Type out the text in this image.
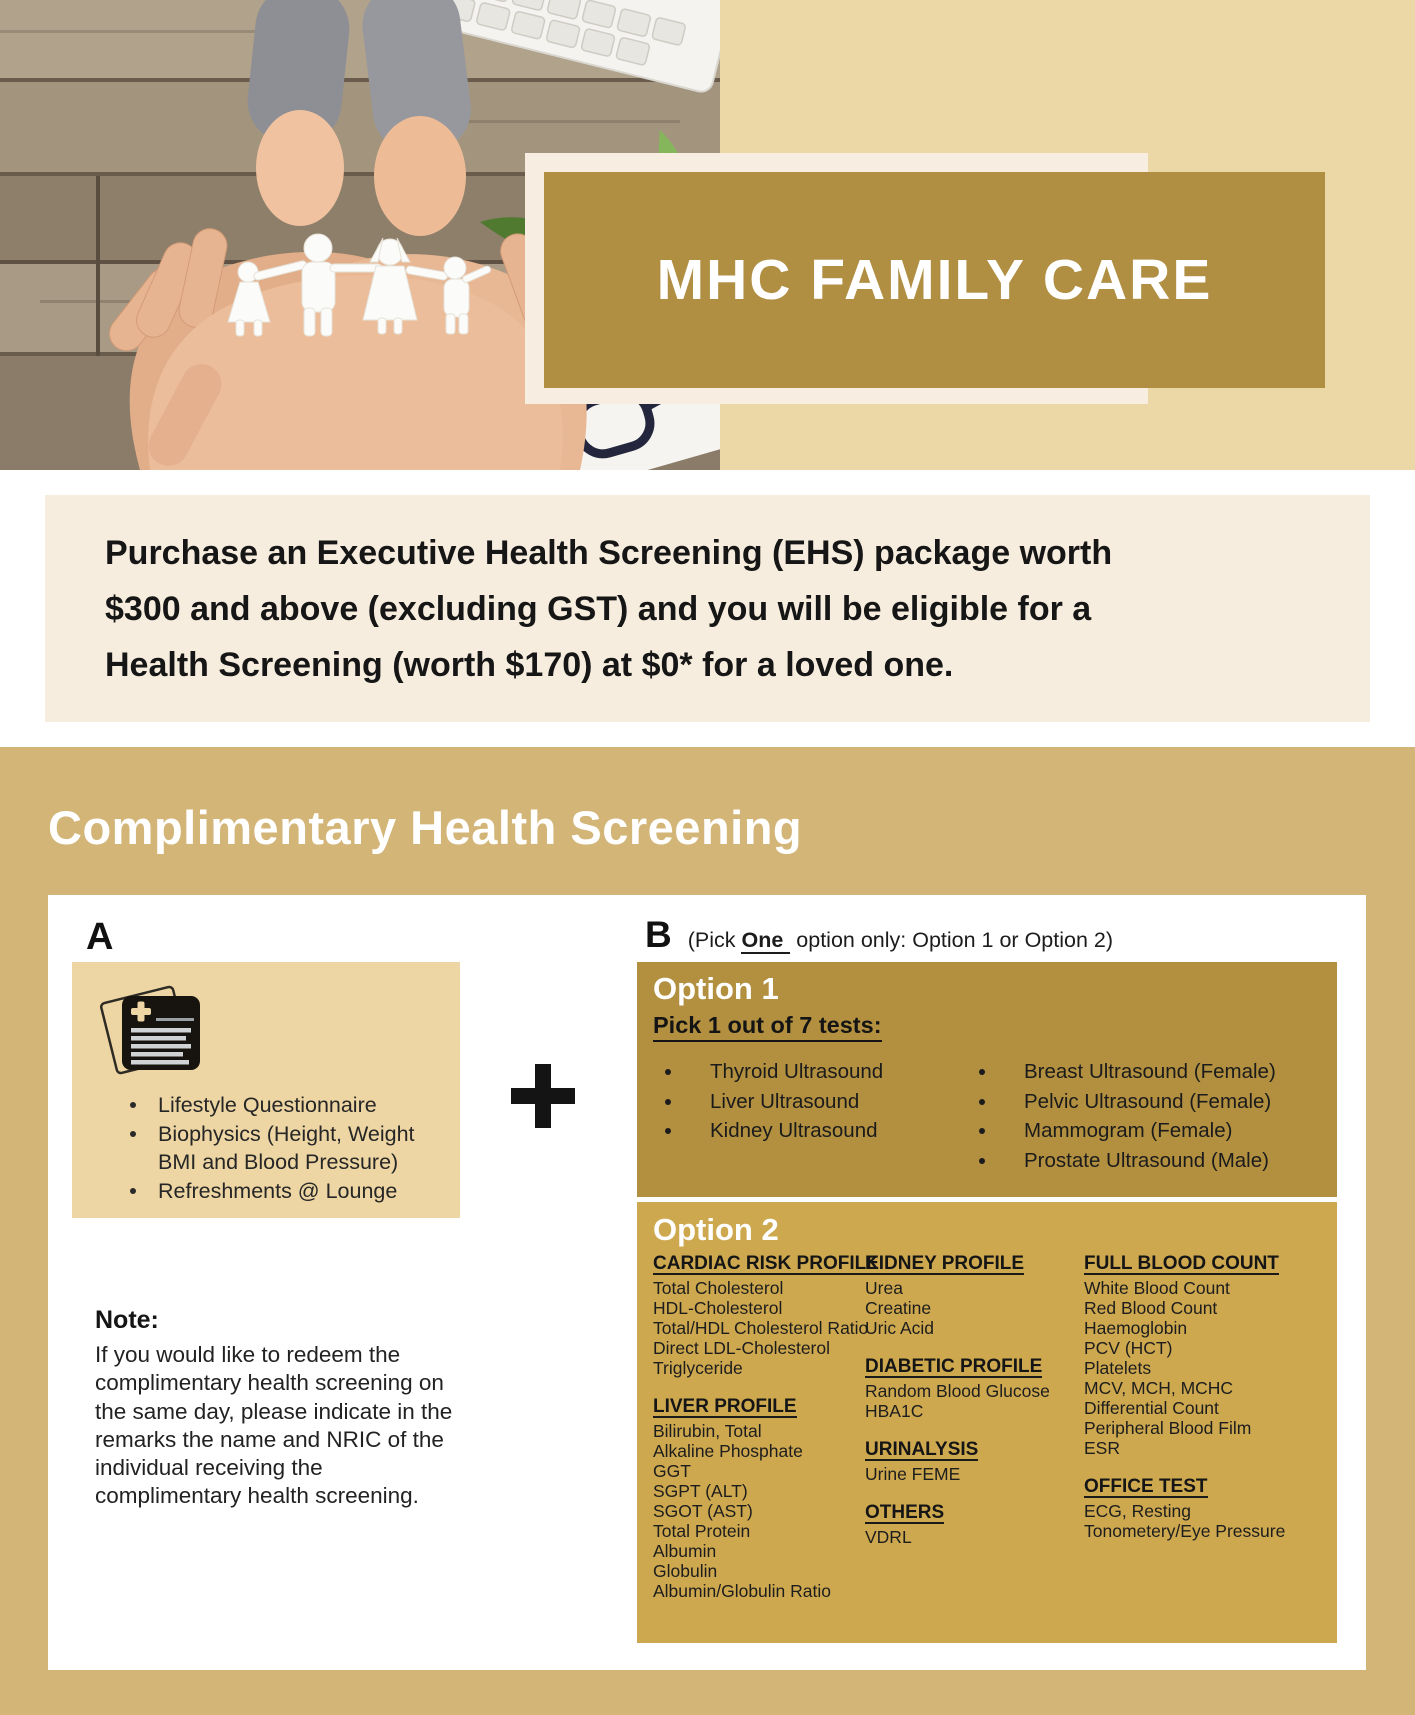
MHC FAMILY CARE
Purchase an Executive Health Screening (EHS) package worth
$300 and above (excluding GST) and you will be eligible for a
Health Screening (worth $170) at $0* for a loved one.
Complimentary Health Screening
A
Lifestyle Questionnaire
Biophysics (Height, Weight BMI and Blood Pressure)
Refreshments @ Lounge
B (Pick One option only: Option 1 or Option 2)
Option 1
Pick 1 out of 7 tests:
Thyroid Ultrasound
Liver Ultrasound
Kidney Ultrasound
Breast Ultrasound (Female)
Pelvic Ultrasound (Female)
Mammogram (Female)
Prostate Ultrasound (Male)
Option 2
CARDIAC RISK PROFILE
Total Cholesterol
HDL-Cholesterol
Total/HDL Cholesterol Ratio
Direct LDL-Cholesterol
Triglyceride
LIVER PROFILE
Bilirubin, Total
Alkaline Phosphate
GGT
SGPT (ALT)
SGOT (AST)
Total Protein
Albumin
Globulin
Albumin/Globulin Ratio
KIDNEY PROFILE
Urea
Creatine
Uric Acid
DIABETIC PROFILE
Random Blood Glucose
HBA1C
URINALYSIS
Urine FEME
OTHERS
VDRL
FULL BLOOD COUNT
White Blood Count
Red Blood Count
Haemoglobin
PCV (HCT)
Platelets
MCV, MCH, MCHC
Differential Count
Peripheral Blood Film
ESR
OFFICE TEST
ECG, Resting
Tonometery/Eye Pressure
Note:
If you would like to redeem the
complimentary health screening on
the same day, please indicate in the
remarks the name and NRIC of the
individual receiving the
complimentary health screening.
